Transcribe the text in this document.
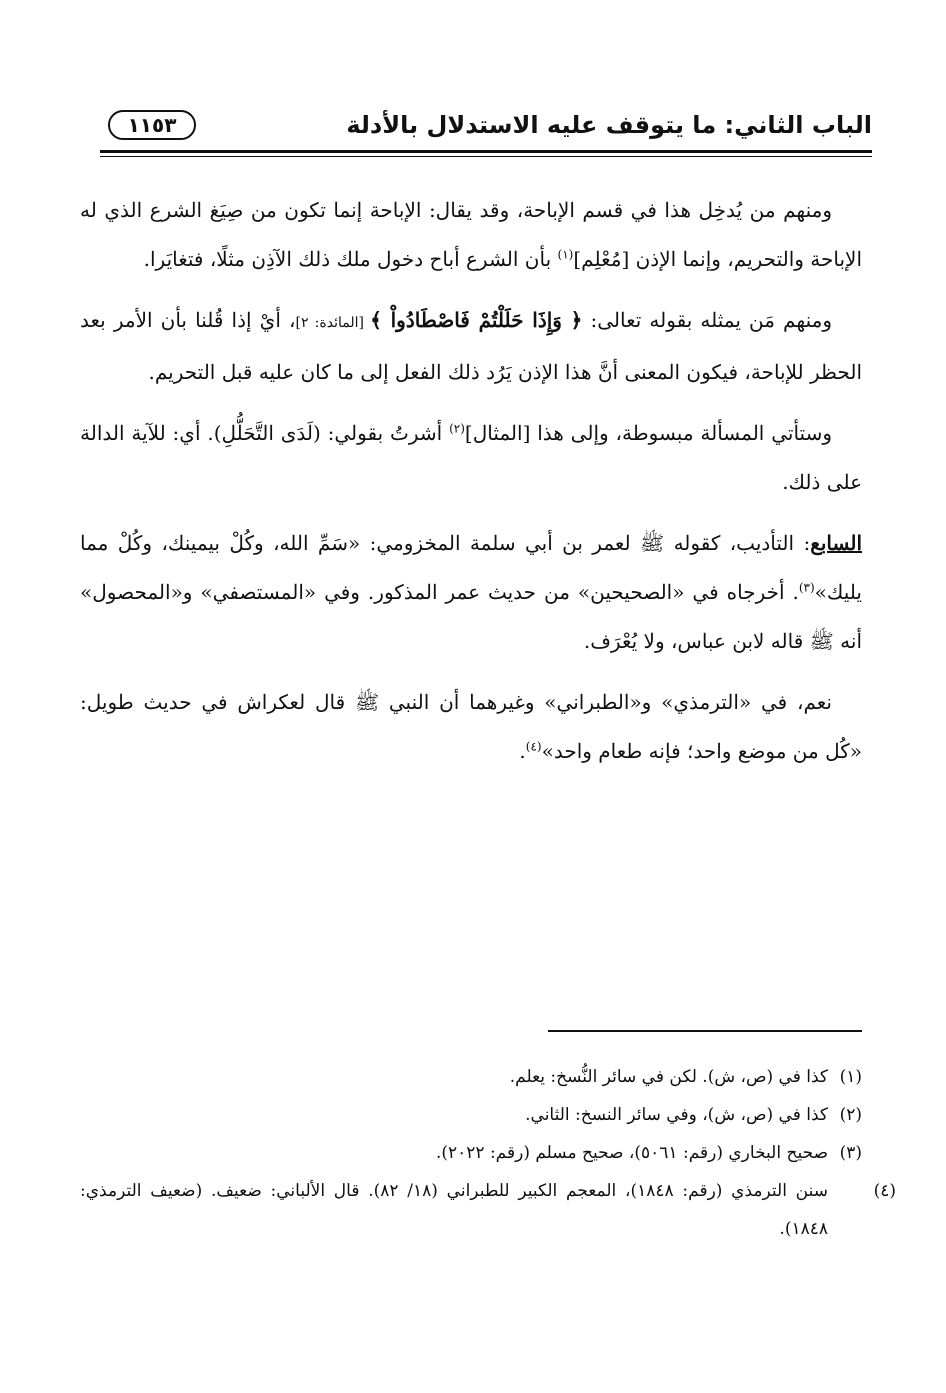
الباب الثاني: ما يتوقف عليه الاستدلال بالأدلة
١١٥٣

ومنهم من يُدخِل هذا في قسم الإباحة، وقد يقال: الإباحة إنما تكون من صِيَغ الشرع الذي له الإباحة والتحريم، وإنما الإذن [مُعْلِم]$^{(١)}$ بأن الشرع أباح دخول ملك ذلك الآذِن مثلًا، فتغايَرا.

ومنهم مَن يمثله بقوله تعالى: ﴿ وَإِذَا حَلَلْتُمْ فَاصْطَادُواْ ﴾ [المائدة: ٢]، أيْ إذا قُلنا بأن الأمر بعد الحظر للإباحة، فيكون المعنى أنَّ هذا الإذن يَرُد ذلك الفعل إلى ما كان عليه قبل التحريم.

وستأتي المسألة مبسوطة، وإلى هذا [المثال]$^{(٢)}$ أشرتُ بقولي: (لَدَى التَّحَلُّلِ). أي: للآية الدالة على ذلك.

السابع: التأديب، كقوله ﷺ لعمر بن أبي سلمة المخزومي: «سَمِّ الله، وكُلْ بيمينك، وكُلْ مما يليك»$^{(٣)}$. أخرجاه في «الصحيحين» من حديث عمر المذكور. وفي «المستصفي» و«المحصول» أنه ﷺ قاله لابن عباس، ولا يُعْرَف.

نعم، في «الترمذي» و«الطبراني» وغيرهما أن النبي ﷺ قال لعكراش في حديث طويل: «كُل من موضع واحد؛ فإنه طعام واحد»$^{(٤)}$.

(١)كذا في (ص، ش). لكن في سائر النُّسخ: يعلم.

(٢)كذا في (ص، ش)، وفي سائر النسخ: الثاني.

(٣)صحيح البخاري (رقم: ٥٠٦١)، صحيح مسلم (رقم: ٢٠٢٢).

(٤)سنن الترمذي (رقم: ١٨٤٨)، المعجم الكبير للطبراني (١٨/ ٨٢). قال الألباني: ضعيف. (ضعيف الترمذي: ١٨٤٨).
